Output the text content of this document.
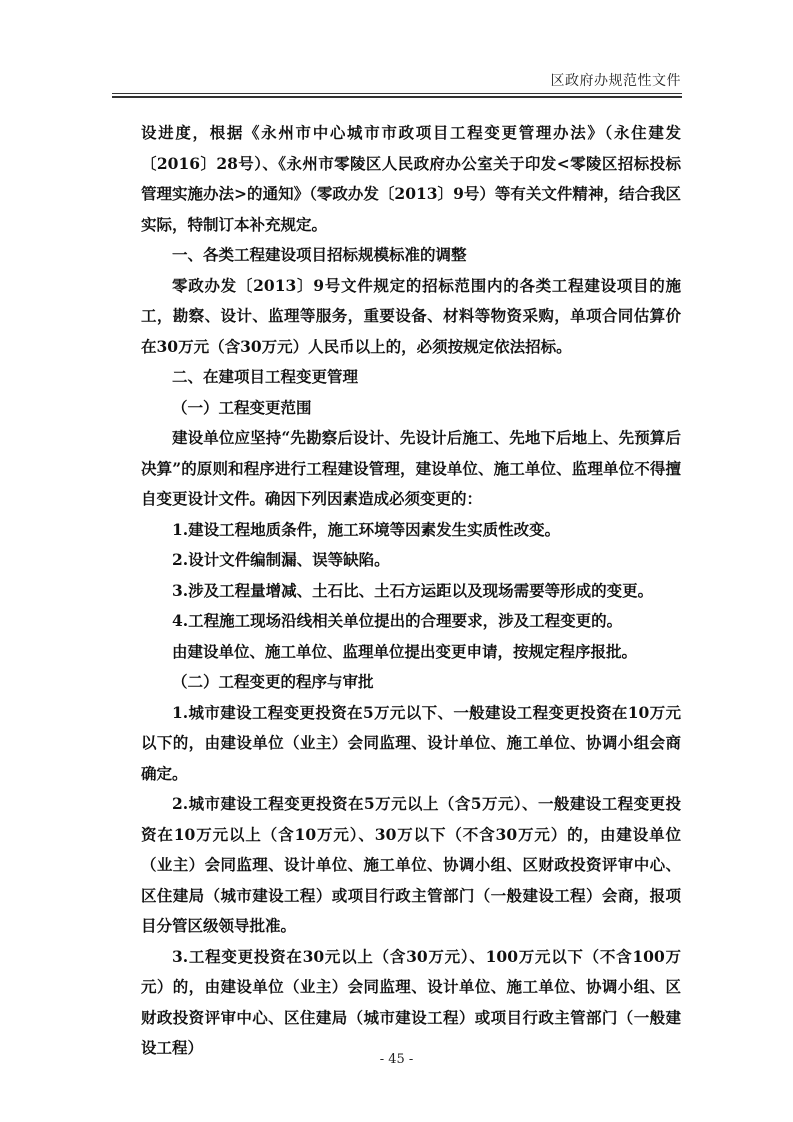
区政府办规范性文件

设进度，根据《永州市中心城市市政项目工程变更管理办法》（永住建发〔2016〕28号）、《永州市零陵区人民政府办公室关于印发<零陵区招标投标管理实施办法>的通知》（零政办发〔2013〕9号）等有关文件精神，结合我区实际，特制订本补充规定。

一、各类工程建设项目招标规模标准的调整

零政办发〔2013〕9号文件规定的招标范围内的各类工程建设项目的施工，勘察、设计、监理等服务，重要设备、材料等物资采购，单项合同估算价在30万元（含30万元）人民币以上的，必须按规定依法招标。

二、在建项目工程变更管理

（一）工程变更范围

建设单位应坚持“先勘察后设计、先设计后施工、先地下后地上、先预算后决算”的原则和程序进行工程建设管理，建设单位、施工单位、监理单位不得擅自变更设计文件。确因下列因素造成必须变更的：

1.建设工程地质条件，施工环境等因素发生实质性改变。

2.设计文件编制漏、误等缺陷。

3.涉及工程量增减、土石比、土石方运距以及现场需要等形成的变更。

4.工程施工现场沿线相关单位提出的合理要求，涉及工程变更的。

由建设单位、施工单位、监理单位提出变更申请，按规定程序报批。

（二）工程变更的程序与审批

1.城市建设工程变更投资在5万元以下、一般建设工程变更投资在10万元以下的，由建设单位（业主）会同监理、设计单位、施工单位、协调小组会商确定。

2.城市建设工程变更投资在5万元以上（含5万元）、一般建设工程变更投资在10万元以上（含10万元）、30万以下（不含30万元）的，由建设单位（业主）会同监理、设计单位、施工单位、协调小组、区财政投资评审中心、区住建局（城市建设工程）或项目行政主管部门（一般建设工程）会商，报项目分管区级领导批准。

3.工程变更投资在30元以上（含30万元）、100万元以下（不含100万元）的，由建设单位（业主）会同监理、设计单位、施工单位、协调小组、区财政投资评审中心、区住建局（城市建设工程）或项目行政主管部门（一般建设工程）

- 45 -
